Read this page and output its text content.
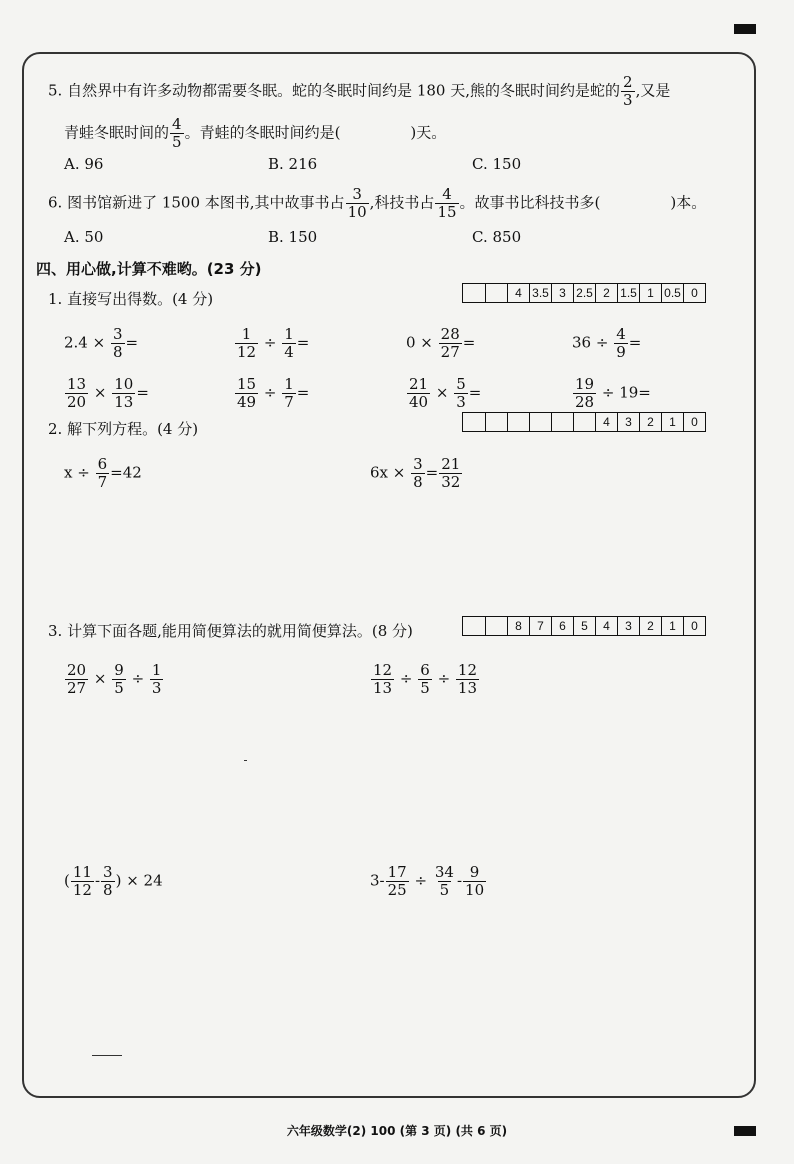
5. 自然界中有许多动物都需要冬眠。蛇的冬眠时间约是 180 天,熊的冬眠时间约是蛇的 $\frac{2}{3}$ ,又是
青蛙冬眠时间的 $\frac{4}{5}$ 。青蛙的冬眠时间约是(	)天。
A. 96	B. 216	C. 150
6. 图书馆新进了 1500 本图书,其中故事书占 $\frac{3}{10}$ ,科技书占 $\frac{4}{15}$ 。故事书比科技书多(	)本。
A. 50	B. 150	C. 850
四、用心做,计算不难哟。(23 分)
1. 直接写出得数。(4 分)	4 3.5 3 2.5 2 1.5 1 0.5 0
$2.4 \times \frac{3}{8}$ =	$\frac{1}{12} \div \frac{1}{4}$ =	$0 \times \frac{28}{27}$ =	$36 \div \frac{4}{9}$ =
$\frac{13}{20} \times \frac{10}{13}$ =	$\frac{15}{49} \div \frac{1}{7}$ =	$\frac{21}{40} \times \frac{5}{3}$ =	$\frac{19}{28} \div 19=$
2. 解下列方程。(4 分)	4	3	2	1	0
$x \div \frac{6}{7} =42$	$6x \times \frac{3}{8} = \frac{21}{32}$
3. 计算下面各题,能用简便算法的就用简便算法。(8 分)	8	7	6	5	4	3	2	1	0
$\frac{20}{27} \times \frac{9}{5} \div \frac{1}{3}$	$\frac{12}{13} \div \frac{6}{5} \div \frac{12}{13}$
( $\frac{11}{12} - \frac{3}{8}$ ) × 24	$3- \frac{17}{25} \div \frac{34}{5} - \frac{9}{10}$
六年级数学(2) 100 (第 3 页) (共 6 页)
